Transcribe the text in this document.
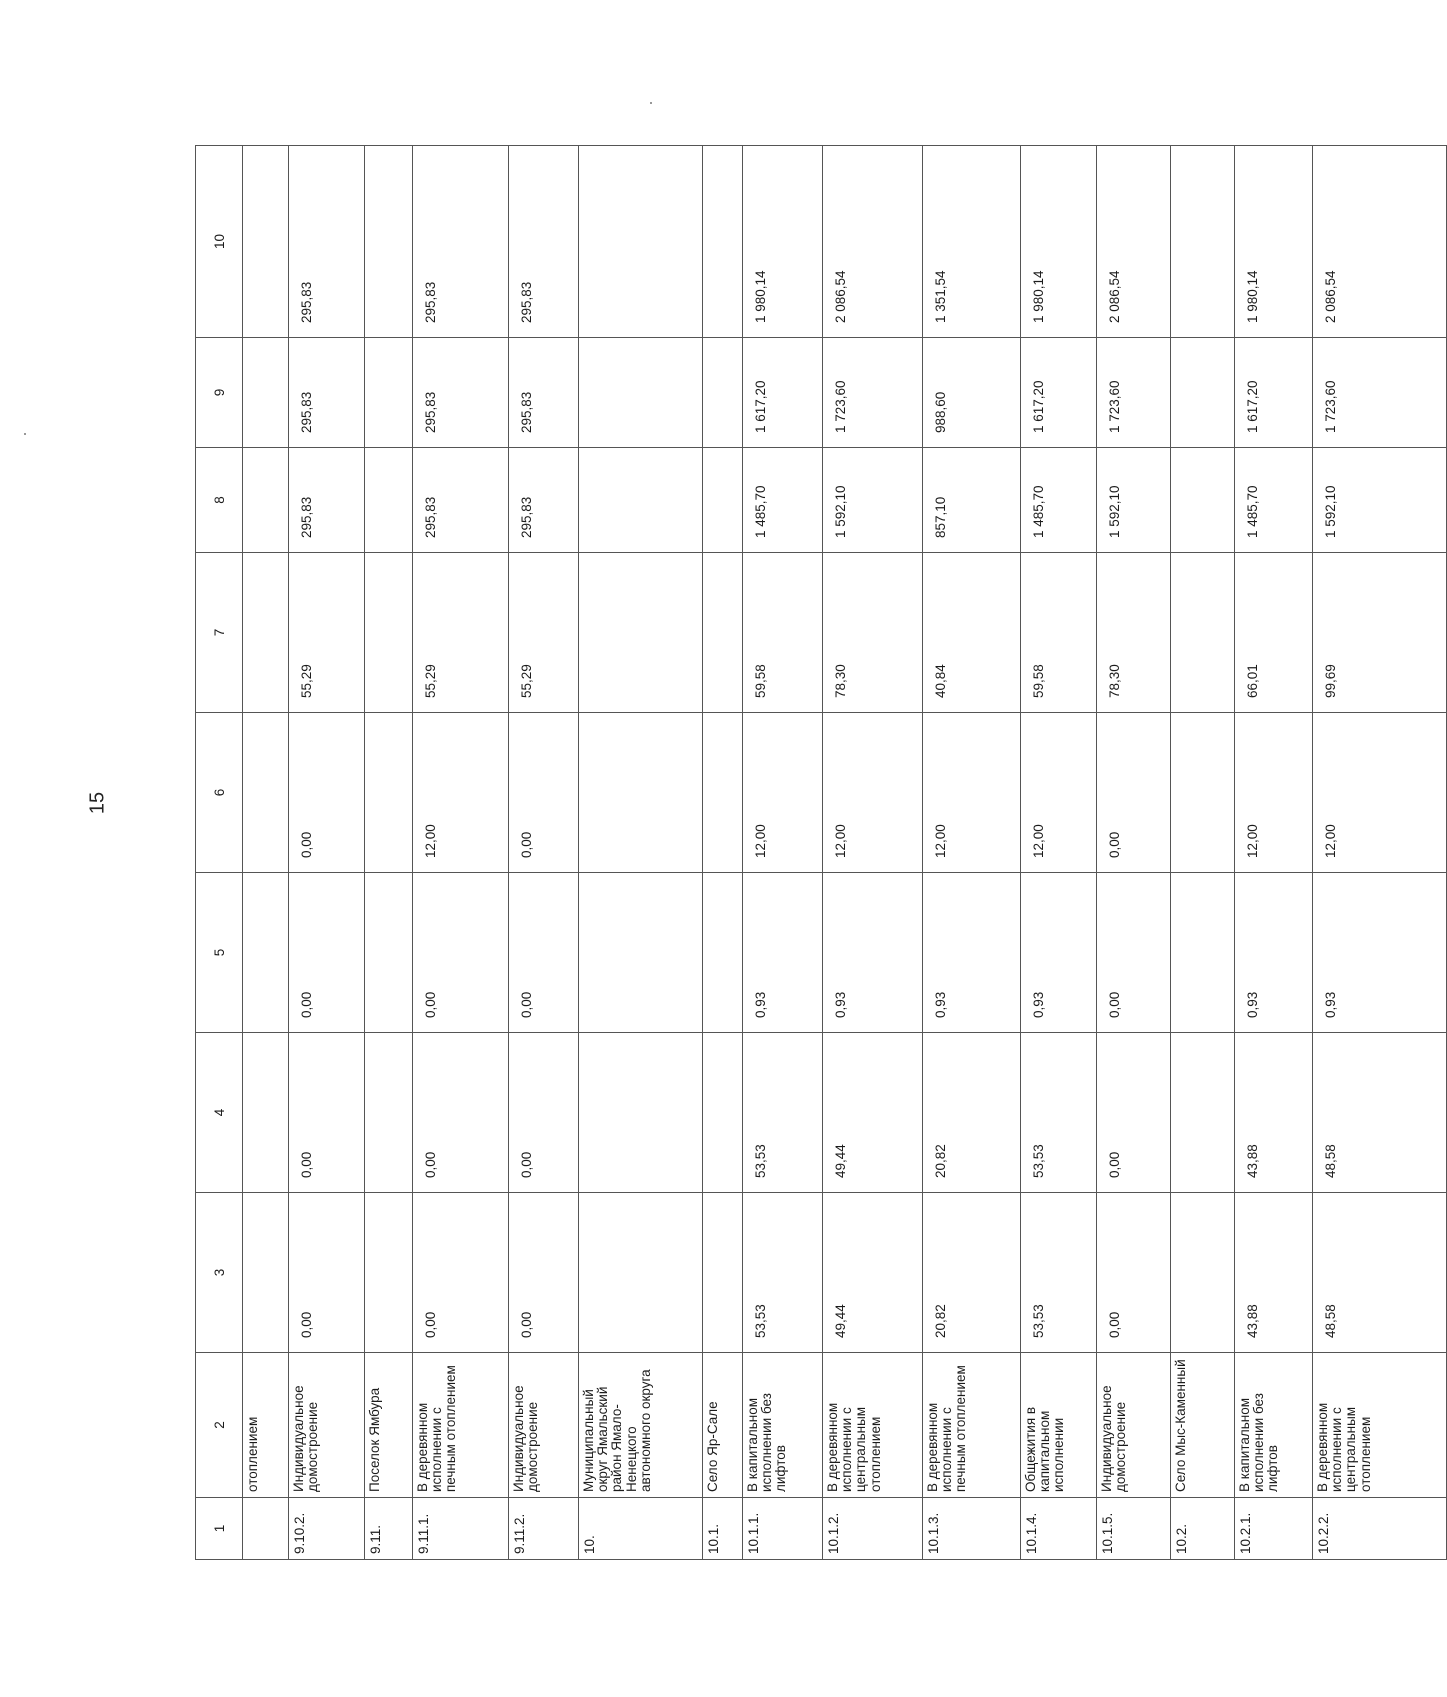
15
1	2	3	4	5	6	7	8	9	10
	отоплением								
9.10.2.	Индивидуальное домостроение	0,00	0,00	0,00	0,00	55,29	295,83	295,83	295,83
9.11.	Поселок Ямбура								
9.11.1.	В деревянном исполнении с печным отоплением	0,00	0,00	0,00	12,00	55,29	295,83	295,83	295,83
9.11.2.	Индивидуальное домостроение	0,00	0,00	0,00	0,00	55,29	295,83	295,83	295,83
10.	Муниципальный округ Ямальский район Ямало-Ненецкого автономного округа								
10.1.	Село Яр-Сале								
10.1.1.	В капитальном исполнении без лифтов	53,53	53,53	0,93	12,00	59,58	1 485,70	1 617,20	1 980,14
10.1.2.	В деревянном исполнении с центральным отоплением	49,44	49,44	0,93	12,00	78,30	1 592,10	1 723,60	2 086,54
10.1.3.	В деревянном исполнении с печным отоплением	20,82	20,82	0,93	12,00	40,84	857,10	988,60	1 351,54
10.1.4.	Общежития в капитальном исполнении	53,53	53,53	0,93	12,00	59,58	1 485,70	1 617,20	1 980,14
10.1.5.	Индивидуальное домостроение	0,00	0,00	0,00	0,00	78,30	1 592,10	1 723,60	2 086,54
10.2.	Село Мыс-Каменный								
10.2.1.	В капитальном исполнении без лифтов	43,88	43,88	0,93	12,00	66,01	1 485,70	1 617,20	1 980,14
10.2.2.	В деревянном исполнении с центральным отоплением	48,58	48,58	0,93	12,00	99,69	1 592,10	1 723,60	2 086,54
